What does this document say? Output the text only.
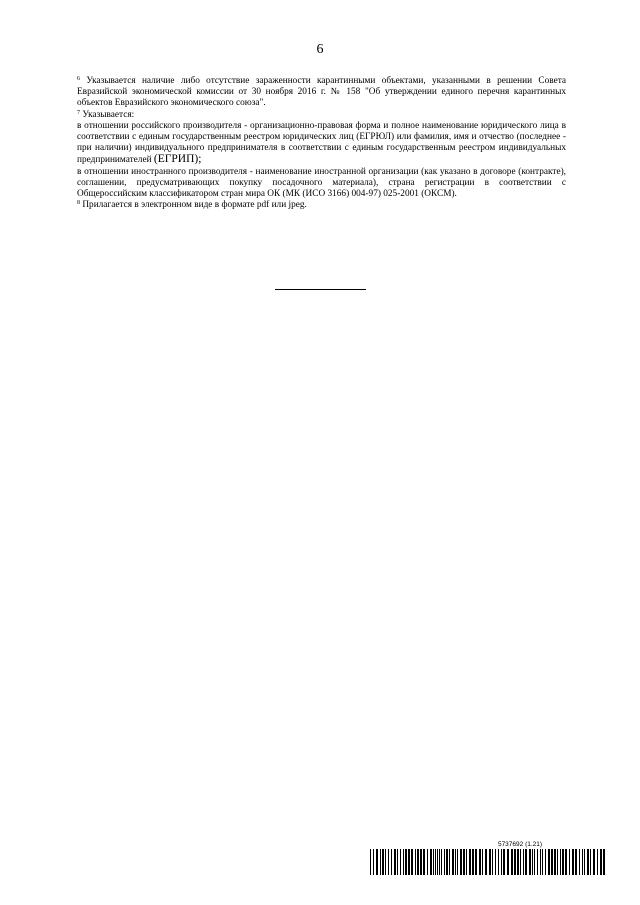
6

$^6$ Указывается наличие либо отсутствие зараженности карантинными объектами, указанными в решении Совета Евразийской экономической комиссии от 30 ноября 2016 г. № 158 "Об утверждении единого перечня карантинных объектов Евразийского экономического союза".

$^7$ Указывается:

в отношении российского производителя - организационно-правовая форма и полное наименование юридического лица в соответствии с единым государственным реестром юридических лиц (ЕГРЮЛ) или фамилия, имя и отчество (последнее - при наличии) индивидуального предпринимателя в соответствии с единым государственным реестром индивидуальных предпринимателей (ЕГРИП);

в отношении иностранного производителя - наименование иностранной организации (как указано в договоре (контракте), соглашении, предусматривающих покупку посадочного материала), страна регистрации в соответствии с Общероссийским классификатором стран мира ОК (МК (ИСО 3166) 004-97) 025-2001 (ОКСМ).

$^8$ Прилагается в электронном виде в формате pdf или jpeg.

5737692 (1.21)
